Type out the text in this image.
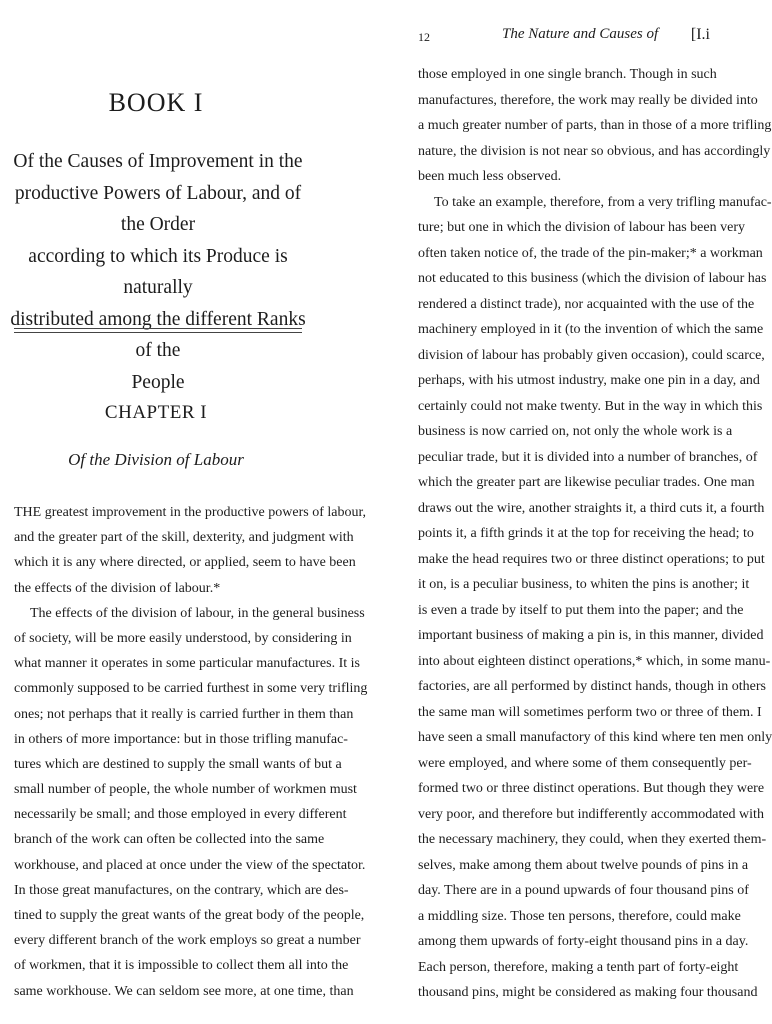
BOOK I
Of the Causes of Improvement in the
productive Powers of Labour, and of the Order
according to which its Produce is naturally
distributed among the different Ranks of the
People
CHAPTER I
Of the Division of Labour
THE greatest improvement in the productive powers of labour,
and the greater part of the skill, dexterity, and judgment with
which it is any where directed, or applied, seem to have been
the effects of the division of labour.*
The effects of the division of labour, in the general business
of society, will be more easily understood, by considering in
what manner it operates in some particular manufactures. It is
commonly supposed to be carried furthest in some very trifling
ones; not perhaps that it really is carried further in them than
in others of more importance: but in those trifling manufac-
tures which are destined to supply the small wants of but a
small number of people, the whole number of workmen must
necessarily be small; and those employed in every different
branch of the work can often be collected into the same
workhouse, and placed at once under the view of the spectator.
In those great manufactures, on the contrary, which are des-
tined to supply the great wants of the great body of the people,
every different branch of the work employs so great a number
of workmen, that it is impossible to collect them all into the
same workhouse. We can seldom see more, at one time, than
12	The Nature and Causes of [I.i
those employed in one single branch. Though in such
manufactures, therefore, the work may really be divided into
a much greater number of parts, than in those of a more trifling
nature, the division is not near so obvious, and has accordingly
been much less observed.
To take an example, therefore, from a very trifling manufac-
ture; but one in which the division of labour has been very
often taken notice of, the trade of the pin-maker;* a workman
not educated to this business (which the division of labour has
rendered a distinct trade), nor acquainted with the use of the
machinery employed in it (to the invention of which the same
division of labour has probably given occasion), could scarce,
perhaps, with his utmost industry, make one pin in a day, and
certainly could not make twenty. But in the way in which this
business is now carried on, not only the whole work is a
peculiar trade, but it is divided into a number of branches, of
which the greater part are likewise peculiar trades. One man
draws out the wire, another straights it, a third cuts it, a fourth
points it, a fifth grinds it at the top for receiving the head; to
make the head requires two or three distinct operations; to put
it on, is a peculiar business, to whiten the pins is another; it
is even a trade by itself to put them into the paper; and the
important business of making a pin is, in this manner, divided
into about eighteen distinct operations,* which, in some manu-
factories, are all performed by distinct hands, though in others
the same man will sometimes perform two or three of them. I
have seen a small manufactory of this kind where ten men only
were employed, and where some of them consequently per-
formed two or three distinct operations. But though they were
very poor, and therefore but indifferently accommodated with
the necessary machinery, they could, when they exerted them-
selves, make among them about twelve pounds of pins in a
day. There are in a pound upwards of four thousand pins of
a middling size. Those ten persons, therefore, could make
among them upwards of forty-eight thousand pins in a day.
Each person, therefore, making a tenth part of forty-eight
thousand pins, might be considered as making four thousand
